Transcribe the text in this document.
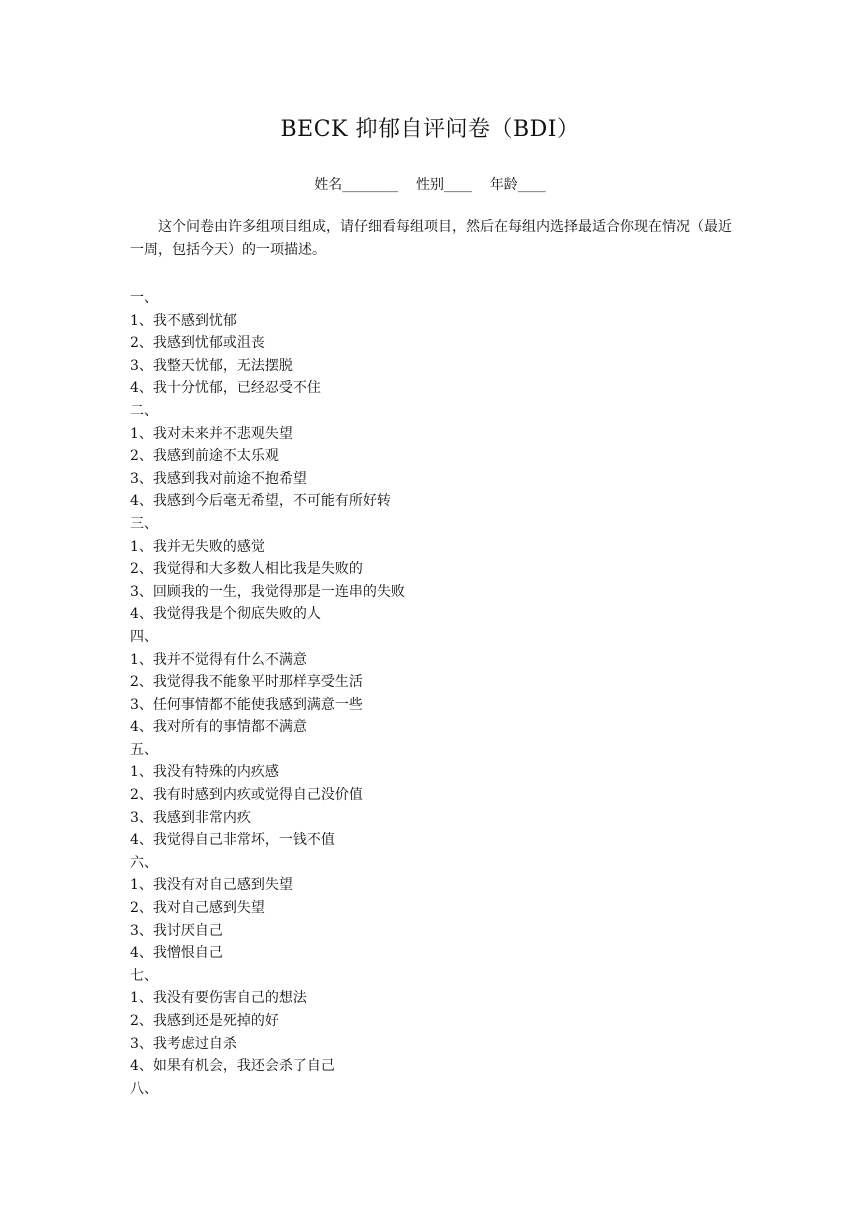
BECK 抑郁自评问卷（BDI）
姓名________ 性别____ 年龄____
这个问卷由许多组项目组成，请仔细看每组项目，然后在每组内选择最适合你现在情况（最近一周，包括今天）的一项描述。
一、
1、我不感到忧郁
2、我感到忧郁或沮丧
3、我整天忧郁，无法摆脱
4、我十分忧郁，已经忍受不住
二、
1、我对未来并不悲观失望
2、我感到前途不太乐观
3、我感到我对前途不抱希望
4、我感到今后毫无希望，不可能有所好转
三、
1、我并无失败的感觉
2、我觉得和大多数人相比我是失败的
3、回顾我的一生，我觉得那是一连串的失败
4、我觉得我是个彻底失败的人
四、
1、我并不觉得有什么不满意
2、我觉得我不能象平时那样享受生活
3、任何事情都不能使我感到满意一些
4、我对所有的事情都不满意
五、
1、我没有特殊的内疚感
2、我有时感到内疚或觉得自己没价值
3、我感到非常内疚
4、我觉得自己非常坏，一钱不值
六、
1、我没有对自己感到失望
2、我对自己感到失望
3、我讨厌自己
4、我憎恨自己
七、
1、我没有要伤害自己的想法
2、我感到还是死掉的好
3、我考虑过自杀
4、如果有机会，我还会杀了自己
八、
